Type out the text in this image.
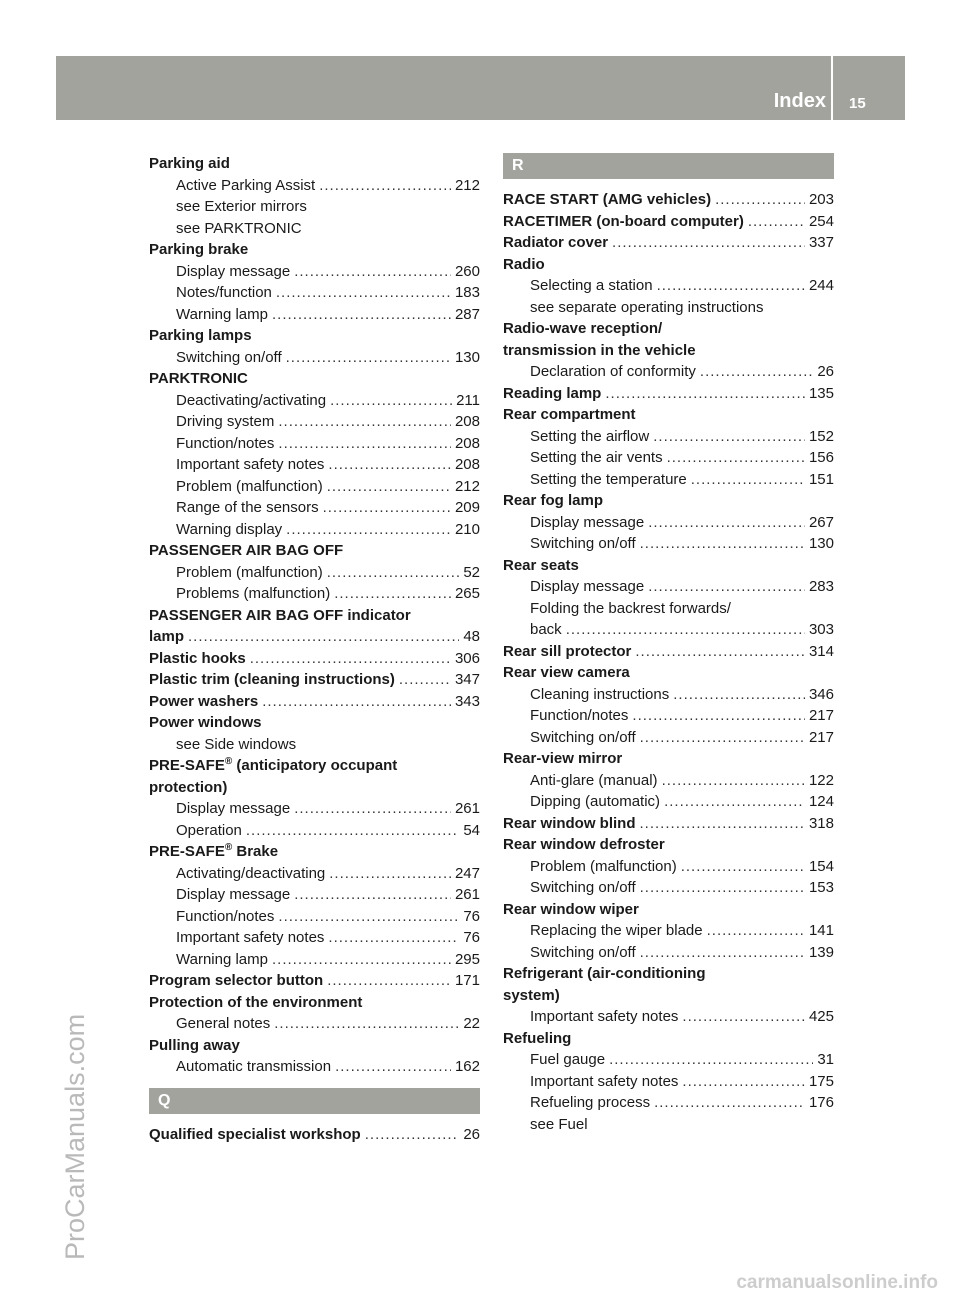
Index 15
ProCarManuals.com
carmanualsonline.info
Parking aid
Active Parking Assist .....	212
see Exterior mirrors
see PARKTRONIC
Parking brake
Display message .....	260
Notes/function .....	183
Warning lamp .....	287
Parking lamps
Switching on/off .....	130
PARKTRONIC
Deactivating/activating .....	211
Driving system .....	208
Function/notes .....	208
Important safety notes .....	208
Problem (malfunction) .....	212
Range of the sensors .....	209
Warning display .....	210
PASSENGER AIR BAG OFF
Problem (malfunction) .....	52
Problems (malfunction) .....	265
PASSENGER AIR BAG OFF indicator
lamp .....	48
Plastic hooks .....	306
Plastic trim (cleaning instructions) .....	347
Power washers .....	343
Power windows
see Side windows
PRE-SAFE® (anticipatory occupant
protection)
Display message .....	261
Operation .....	54
PRE-SAFE® Brake
Activating/deactivating .....	247
Display message .....	261
Function/notes .....	76
Important safety notes .....	76
Warning lamp .....	295
Program selector button .....	171
Protection of the environment
General notes .....	22
Pulling away
Automatic transmission .....	162
Q
Qualified specialist workshop .....	26
R
RACE START (AMG vehicles) .....	203
RACETIMER (on-board computer) .....	254
Radiator cover .....	337
Radio
Selecting a station .....	244
see separate operating instructions
Radio-wave reception/
transmission in the vehicle
Declaration of conformity .....	26
Reading lamp .....	135
Rear compartment
Setting the airflow .....	152
Setting the air vents .....	156
Setting the temperature .....	151
Rear fog lamp
Display message .....	267
Switching on/off .....	130
Rear seats
Display message .....	283
Folding the backrest forwards/
back .....	303
Rear sill protector .....	314
Rear view camera
Cleaning instructions .....	346
Function/notes .....	217
Switching on/off .....	217
Rear-view mirror
Anti-glare (manual) .....	122
Dipping (automatic) .....	124
Rear window blind .....	318
Rear window defroster
Problem (malfunction) .....	154
Switching on/off .....	153
Rear window wiper
Replacing the wiper blade .....	141
Switching on/off .....	139
Refrigerant (air-conditioning
system)
Important safety notes .....	425
Refueling
Fuel gauge .....	31
Important safety notes .....	175
Refueling process .....	176
see Fuel
